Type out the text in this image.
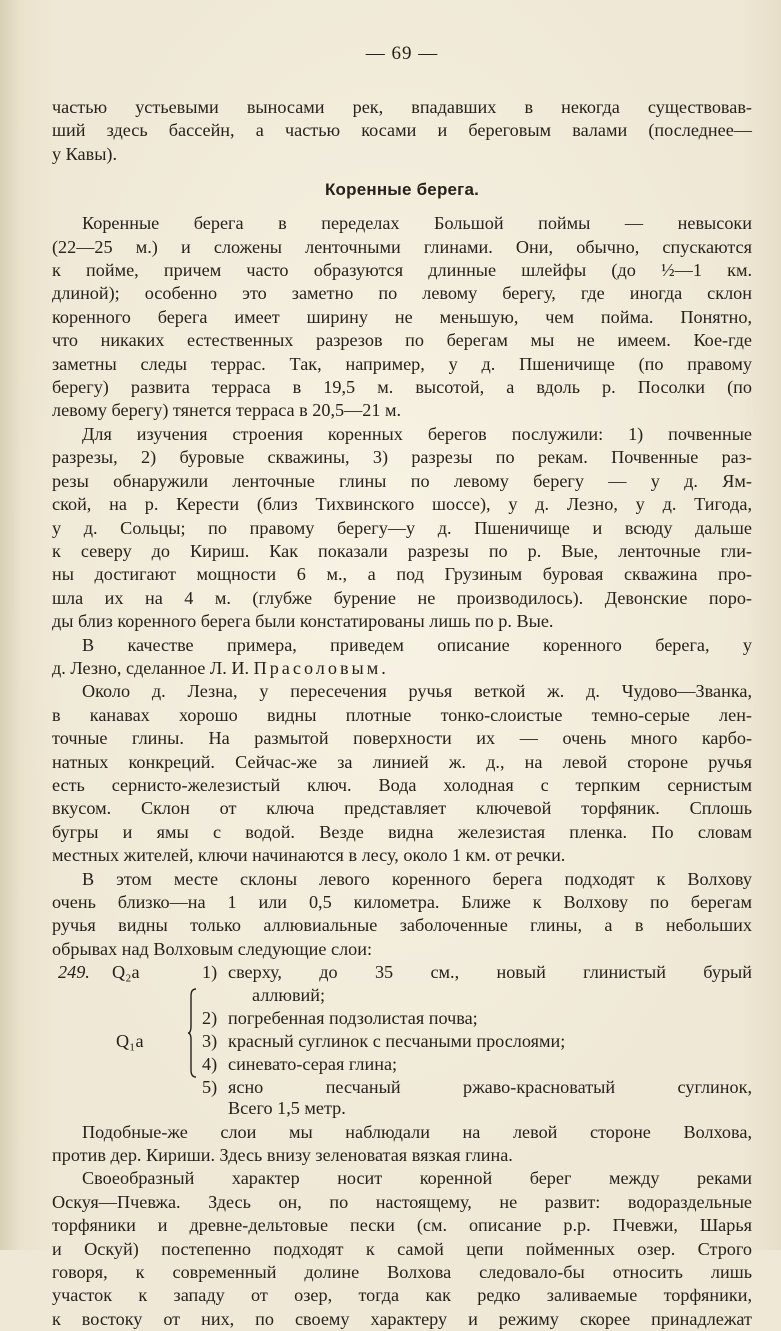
— 69 —

частью устьевыми выносами рек, впадавших в некогда существовав-

ший здесь бассейн, а частью косами и береговым валами (последнее—

у Кавы).

Коренные берега.

Коренные берега в переделах Большой поймы — невысоки

(22—25 м.) и сложены ленточными глинами. Они, обычно, спускаются

к пойме, причем часто образуются длинные шлейфы (до ½—1 км.

длиной); особенно это заметно по левому берегу, где иногда склон

коренного берега имеет ширину не меньшую, чем пойма. Понятно,

что никаких естественных разрезов по берегам мы не имеем. Кое-где

заметны следы террас. Так, например, у д. Пшеничище (по правому

берегу) развита терраса в 19,5 м. высотой, а вдоль р. Посолки (по

левому берегу) тянется терраса в 20,5—21 м.

Для изучения строения коренных берегов послужили: 1) почвенные

разрезы, 2) буровые скважины, 3) разрезы по рекам. Почвенные раз-

резы обнаружили ленточные глины по левому берегу — у д. Ям-

ской, на р. Керести (близ Тихвинского шоссе), у д. Лезно, у д. Тигода,

у д. Сольцы; по правому берегу—у д. Пшеничище и всюду дальше

к северу до Кириш. Как показали разрезы по р. Вые, ленточные гли-

ны достигают мощности 6 м., а под Грузиным буровая скважина про-

шла их на 4 м. (глубже бурение не производилось). Девонские поро-

ды близ коренного берега были констатированы лишь по р. Вые.

В качестве примера, приведем описание коренного берега, у

д. Лезно, сделанное Л. И. Прасоловым.

Около д. Лезна, у пересечения ручья веткой ж. д. Чудово—Званка,

в канавах хорошо видны плотные тонко-слоистые темно-серые лен-

точные глины. На размытой поверхности их — очень много карбо-

натных конкреций. Сейчас-же за линией ж. д., на левой стороне ручья

есть сернисто-железистый ключ. Вода холодная с терпким сернистым

вкусом. Склон от ключа представляет ключевой торфяник. Сплошь

бугры и ямы с водой. Везде видна железистая пленка. По словам

местных жителей, ключи начинаются в лесу, около 1 км. от речки.

В этом месте склоны левого коренного берега подходят к Волхову

очень близко—на 1 или 0,5 километра. Ближе к Волхову по берегам

ручья видны только аллювиальные заболоченные глины, а в небольших

обрывах над Волховым следующие слои:

249. Q₂a	1) сверху, до 35 см., новый глинистый бурый
аллювий;
2) погребенная подзолистая почва;
Q₁a	3) красный суглинок с песчаными прослоями;
4) синевато-серая глина;
5) ясно песчаный ржаво-красноватый суглинок,

Всего 1,5 метр.

Подобные-же слои мы наблюдали на левой стороне Волхова,

против дер. Кириши. Здесь внизу зеленоватая вязкая глина.

Своеобразный характер носит коренной берег между реками

Оскуя—Пчевжа. Здесь он, по настоящему, не развит: водораздельные

торфяники и древне-дельтовые пески (см. описание р.р. Пчевжи, Шарья

и Оскуй) постепенно подходят к самой цепи пойменных озер. Строго

говоря, к современный долине Волхова следовало-бы относить лишь

участок к западу от озер, тогда как редко заливаемые торфяники,

к востоку от них, по своему характеру и режиму скорее принадлежат
